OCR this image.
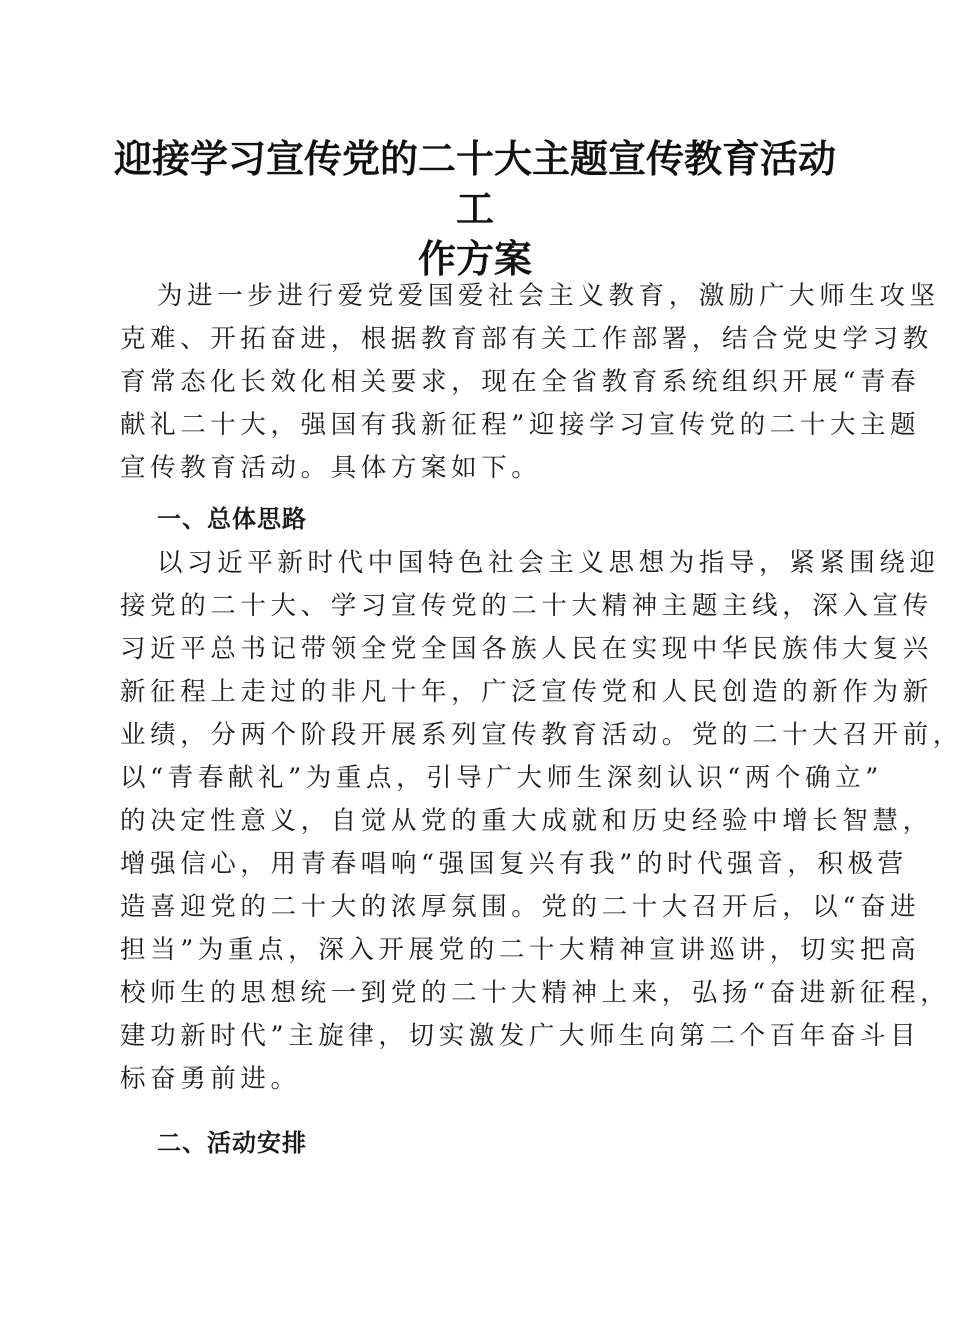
迎接学习宣传党的二十大主题宣传教育活动工
作方案
为进一步进行爱党爱国爱社会主义教育，激励广大师生攻坚
克难、开拓奋进，根据教育部有关工作部署，结合党史学习教
育常态化长效化相关要求，现在全省教育系统组织开展“青春
献礼二十大，强国有我新征程”迎接学习宣传党的二十大主题
宣传教育活动。具体方案如下。
一、总体思路
以习近平新时代中国特色社会主义思想为指导，紧紧围绕迎
接党的二十大、学习宣传党的二十大精神主题主线，深入宣传
习近平总书记带领全党全国各族人民在实现中华民族伟大复兴
新征程上走过的非凡十年，广泛宣传党和人民创造的新作为新
业绩，分两个阶段开展系列宣传教育活动。党的二十大召开前，
以“青春献礼”为重点，引导广大师生深刻认识“两个确立”
的决定性意义，自觉从党的重大成就和历史经验中增长智慧，
增强信心，用青春唱响“强国复兴有我”的时代强音，积极营
造喜迎党的二十大的浓厚氛围。党的二十大召开后，以“奋进
担当”为重点，深入开展党的二十大精神宣讲巡讲，切实把高
校师生的思想统一到党的二十大精神上来，弘扬“奋进新征程，
建功新时代”主旋律，切实激发广大师生向第二个百年奋斗目
标奋勇前进。
二、活动安排
